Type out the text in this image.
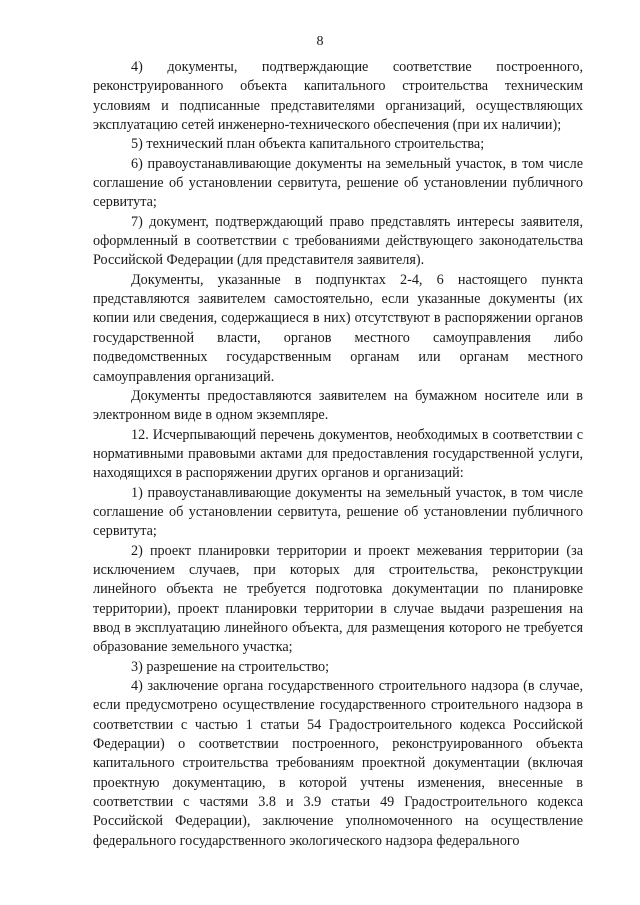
8

4) документы, подтверждающие соответствие построенного, реконструированного объекта капитального строительства техническим условиям и подписанные представителями организаций, осуществляющих эксплуатацию сетей инженерно-технического обеспечения (при их наличии);

5) технический план объекта капитального строительства;

6) правоустанавливающие документы на земельный участок, в том числе соглашение об установлении сервитута, решение об установлении публичного сервитута;

7) документ, подтверждающий право представлять интересы заявителя, оформленный в соответствии с требованиями действующего законодательства Российской Федерации (для представителя заявителя).

Документы, указанные в подпунктах 2-4, 6 настоящего пункта представляются заявителем самостоятельно, если указанные документы (их копии или сведения, содержащиеся в них) отсутствуют в распоряжении органов государственной власти, органов местного самоуправления либо подведомственных государственным органам или органам местного самоуправления организаций.

Документы предоставляются заявителем на бумажном носителе или в электронном виде в одном экземпляре.

12. Исчерпывающий перечень документов, необходимых в соответствии с нормативными правовыми актами для предоставления государственной услуги, находящихся в распоряжении других органов и организаций:

1) правоустанавливающие документы на земельный участок, в том числе соглашение об установлении сервитута, решение об установлении публичного сервитута;

2) проект планировки территории и проект межевания территории (за исключением случаев, при которых для строительства, реконструкции линейного объекта не требуется подготовка документации по планировке территории), проект планировки территории в случае выдачи разрешения на ввод в эксплуатацию линейного объекта, для размещения которого не требуется образование земельного участка;

3) разрешение на строительство;

4) заключение органа государственного строительного надзора (в случае, если предусмотрено осуществление государственного строительного надзора в соответствии с частью 1 статьи 54 Градостроительного кодекса Российской Федерации) о соответствии построенного, реконструированного объекта капитального строительства требованиям проектной документации (включая проектную документацию, в которой учтены изменения, внесенные в соответствии с частями 3.8 и 3.9 статьи 49 Градостроительного кодекса Российской Федерации), заключение уполномоченного на осуществление федерального государственного экологического надзора федерального
